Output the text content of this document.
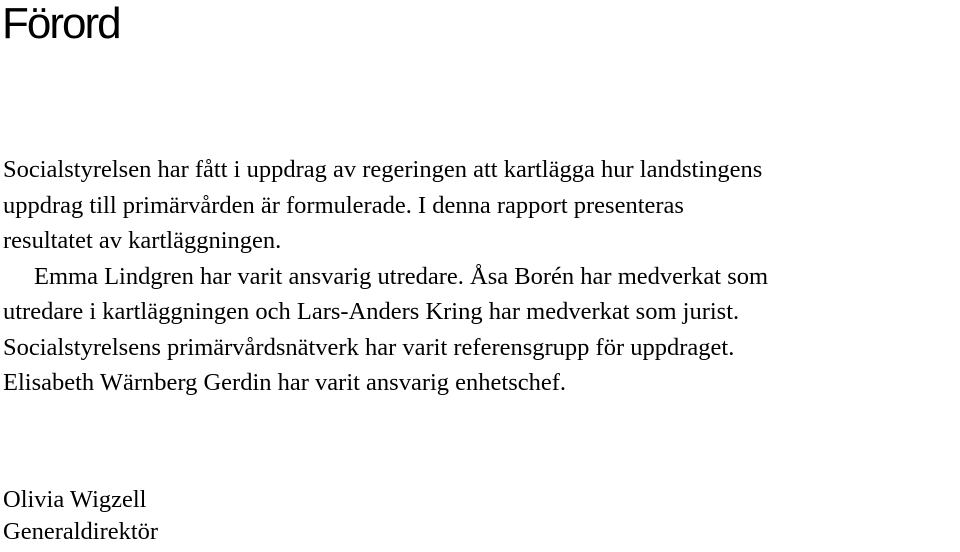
Förord
Socialstyrelsen har fått i uppdrag av regeringen att kartlägga hur landstingens
uppdrag till primärvården är formulerade. I denna rapport presenteras
resultatet av kartläggningen.
Emma Lindgren har varit ansvarig utredare. Åsa Borén har medverkat som
utredare i kartläggningen och Lars-Anders Kring har medverkat som jurist.
Socialstyrelsens primärvårdsnätverk har varit referensgrupp för uppdraget.
Elisabeth Wärnberg Gerdin har varit ansvarig enhetschef.
Olivia Wigzell
Generaldirektör
